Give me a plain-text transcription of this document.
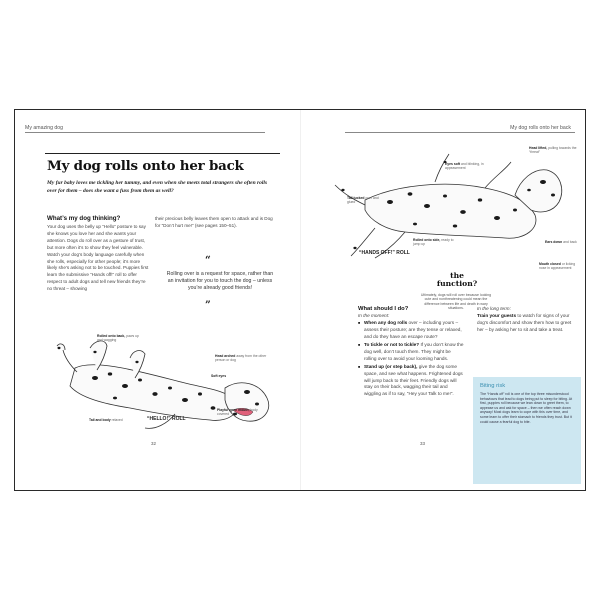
My amazing dog	My dog rolls onto her back
My dog rolls onto her back
My fur baby loves me tickling her tummy, and even when she meets total strangers she often rolls over for them – does she want a fuss from them as well?
What’s my dog thinking?
Your dog uses the belly up “Hello” posture to say she knows you love her and she wants your attention. Dogs do roll over as a gesture of trust, but more often it’s to show they feel vulnerable. Watch your dog’s body language carefully when she rolls, especially for other people; it’s more likely she’s asking not to be touched. Puppies first learn the submissive “Hands off!” roll to offer respect to adult dogs and tell new friends they’re no threat – showing
their precious belly leaves them open to attack and is Dog for “Don’t hurt me!” (see pages 150–51).
“
Rolling over is a request for space, rather than an invitation for you to touch the dog – unless you’re already good friends!
”
Rolled onto back, paws up and wagging
Head arched away from the other person or dog
Soft eyes
Playful open mouth, body covered
Tail and body relaxed	“HELLO!” ROLL
32
Head lifted, pulling towards the “threat”
Eyes soft and blinking, in appeasement
Tail tucked over and glued
Rolled onto side, ready to jump up
Ears down and back
Mouth closed or licking nose in appeasement
“HANDS OFF!” ROLL
the function?
Ultimately, dogs will roll over because looking cute and nonthreatening could mean the difference between life and death in wary situations.
What should I do?
In the moment:
■ When any dog rolls over – including yours – assess their posture; are they tense or relaxed, and do they have an escape route?
■ To tickle or not to tickle? If you don’t know the dog well, don’t touch them. They might be rolling over to avoid your looming hands.
■ Stand up (or step back), give the dog some space, and see what happens. Frightened dogs will jump back to their feet. Friendly dogs will stay on their back, wagging their tail and wiggling as if to say, “Hey you! Talk to me!”.
In the long term:
Train your guests to watch for signs of your dog’s discomfort and show them how to greet her – by asking her to sit and take a treat.
Biting risk
The “Hands off” roll is one of the top three misunderstood behaviours that lead to dogs being put to sleep for biting. At first, puppies roll because we lean down to greet them, to appease us and ask for space – then we often reach down anyway! Most dogs learn to cope with this over time, and some learn to offer their stomach to friends they trust. But it could cause a fearful dog to bite.
33
